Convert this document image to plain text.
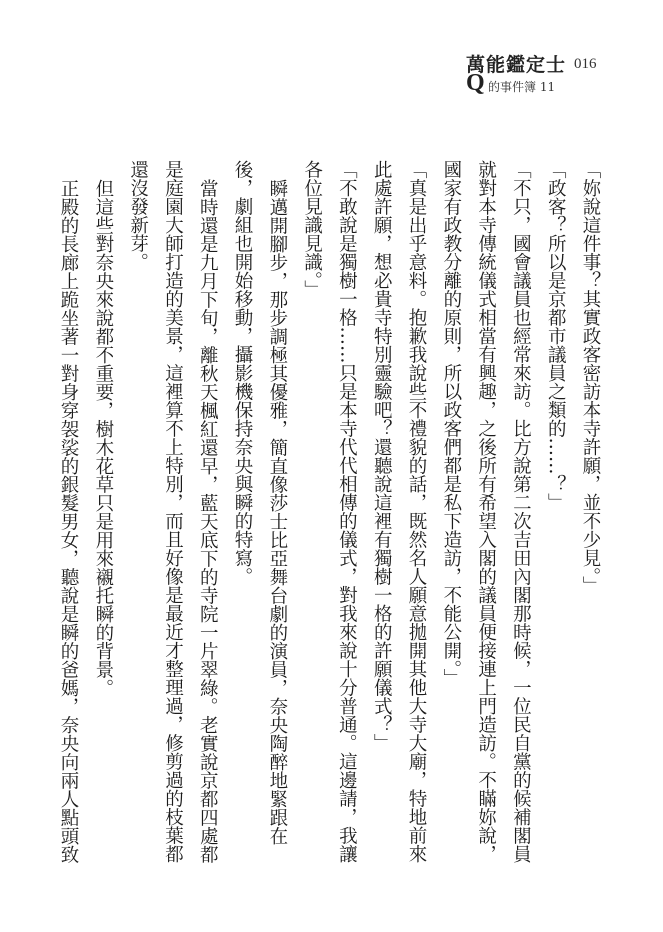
萬能鑑定士 016
Q 的事件簿 11

「妳說這件事？其實政客密訪本寺許願，並不少見。」

「政客？所以是京都市議員之類的……？」

「不只，國會議員也經常來訪。比方說第二次吉田內閣那時候，一位民自黨的候補閣員就對本寺傳統儀式相當有興趣，之後所有希望入閣的議員便接連上門造訪。不瞞妳說，國家有政教分離的原則，所以政客們都是私下造訪，不能公開。」

「真是出乎意料。抱歉我說些不禮貌的話，既然名人願意拋開其他大寺大廟，特地前來此處許願，想必貴寺特別靈驗吧？還聽說這裡有獨樹一格的許願儀式？」

「不敢說是獨樹一格……只是本寺代代相傳的儀式，對我來說十分普通。這邊請，我讓各位見識見識。」

瞬邁開腳步，那步調極其優雅，簡直像莎士比亞舞台劇的演員，奈央陶醉地緊跟在後，劇組也開始移動，攝影機保持奈央與瞬的特寫。

當時還是九月下旬，離秋天楓紅還早，藍天底下的寺院一片翠綠。老實說京都四處都是庭園大師打造的美景，這裡算不上特別，而且好像是最近才整理過，修剪過的枝葉都還沒發新芽。

但這些對奈央來說都不重要，樹木花草只是用來襯托瞬的背景。

正殿的長廊上跪坐著一對身穿袈裟的銀髮男女，聽說是瞬的爸媽，奈央向兩人點頭致
